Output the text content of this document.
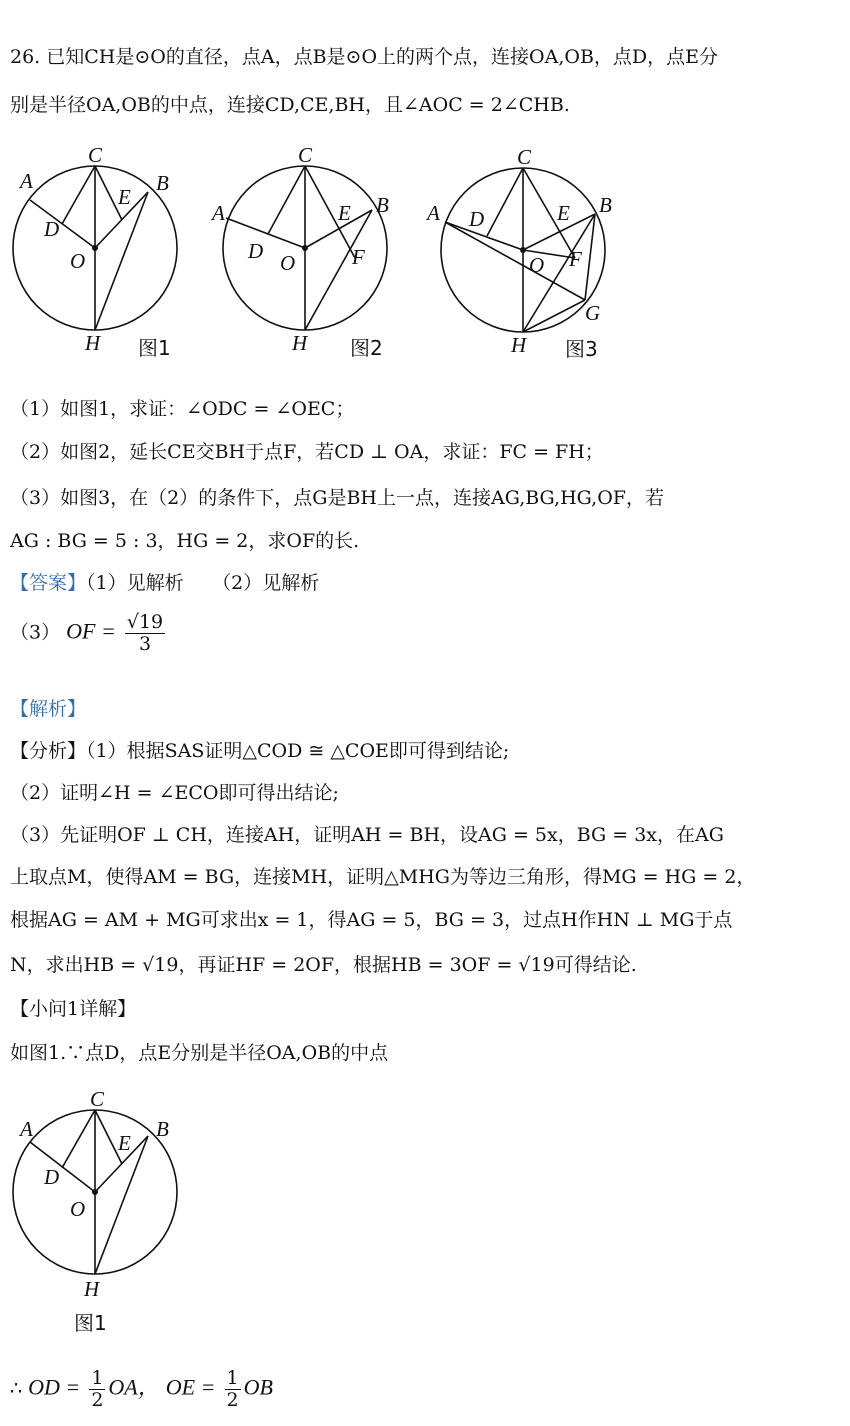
26. 已知CH是⊙O的直径，点A，点B是⊙O上的两个点，连接OA,OB，点D，点E分
别是半径OA,OB的中点，连接CD,CE,BH，且∠AOC = 2∠CHB.
C
A	B
E
D
O
H 图1
C
A	B
E
D O	F
H 图2
C
A	B
E
D
O F
G
H 图3
（1）如图1，求证：∠ODC = ∠OEC；
（2）如图2，延长CE交BH于点F，若CD ⊥ OA，求证：FC = FH；
（3）如图3，在（2）的条件下，点G是BH上一点，连接AG,BG,HG,OF，若
AG : BG = 5 : 3，HG = 2，求OF的长.
【答案】（1）见解析　　（2）见解析
（3） OF = $\frac{√19}{3}$
【解析】
【分析】（1）根据SAS证明△COD ≅ △COE即可得到结论;
（2）证明∠H = ∠ECO即可得出结论;
（3）先证明OF ⊥ CH，连接AH，证明AH = BH，设AG = 5x，BG = 3x，在AG
上取点M，使得AM = BG，连接MH，证明△MHG为等边三角形，得MG = HG = 2，
根据AG = AM + MG可求出x = 1，得AG = 5，BG = 3，过点H作HN ⊥ MG于点
N，求出HB = √19，再证HF = 2OF，根据HB = 3OF = √19可得结论.
【小问1详解】
如图1.∵点D，点E分别是半径OA,OB的中点
C
A	B
E
D
O
H
图1
∴ OD = $\frac{1}{2}$ OA， OE = $\frac{1}{2}$ OB
